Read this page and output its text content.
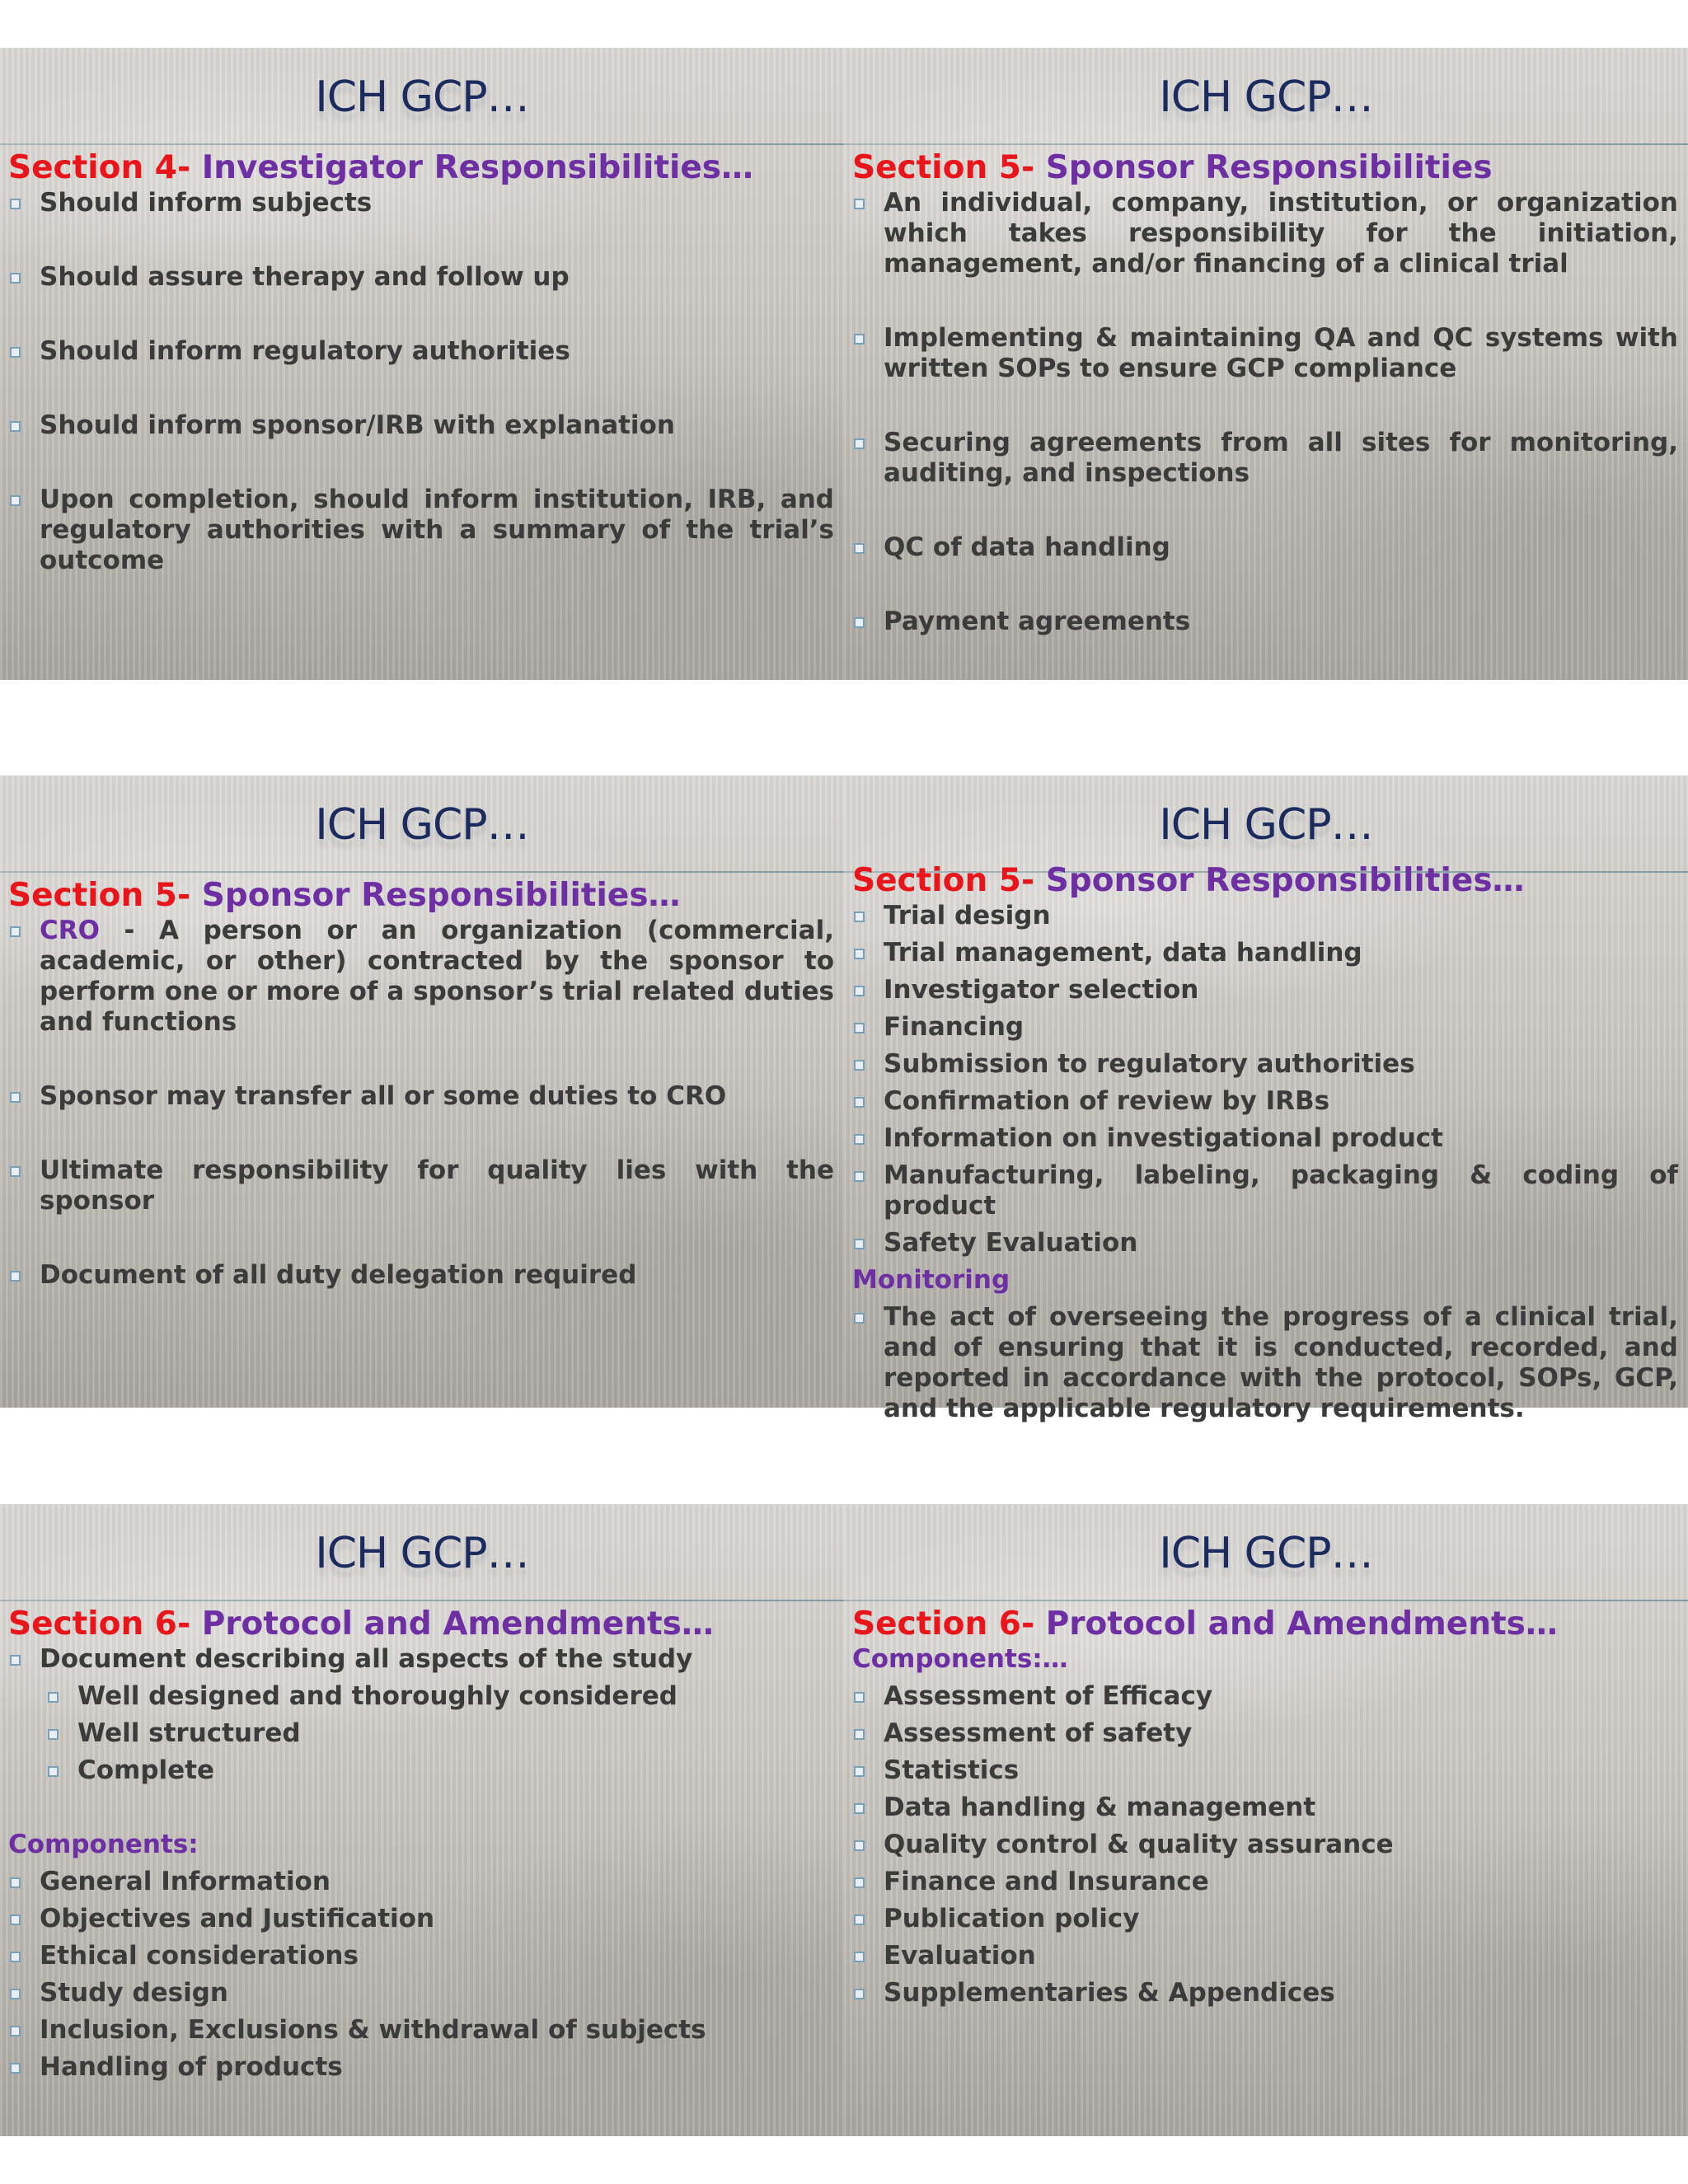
ICH GCP…
Section 4- Investigator Responsibilities…
Should inform subjects
Should assure therapy and follow up
Should inform regulatory authorities
Should inform sponsor/IRB with explanation
Upon completion, should inform institution, IRB, and regulatory authorities with a summary of the trial’s outcome
ICH GCP…
Section 5- Sponsor Responsibilities
An individual, company, institution, or organization which takes responsibility for the initiation, management, and/or financing of a clinical trial
Implementing & maintaining QA and QC systems with written SOPs to ensure GCP compliance
Securing agreements from all sites for monitoring, auditing, and inspections
QC of data handling
Payment agreements
ICH GCP…
Section 5- Sponsor Responsibilities…
CRO - A person or an organization (commercial, academic, or other) contracted by the sponsor to perform one or more of a sponsor’s trial related duties and functions
Sponsor may transfer all or some duties to CRO
Ultimate responsibility for quality lies with the sponsor
Document of all duty delegation required
ICH GCP…
Section 5- Sponsor Responsibilities…
Trial design
Trial management, data handling
Investigator selection
Financing
Submission to regulatory authorities
Confirmation of review by IRBs
Information on investigational product
Manufacturing, labeling, packaging & coding of product
Safety Evaluation
Monitoring
The act of overseeing the progress of a clinical trial, and of ensuring that it is conducted, recorded, and reported in accordance with the protocol, SOPs, GCP, and the applicable regulatory requirements.
ICH GCP…
Section 6- Protocol and Amendments…
Document describing all aspects of the study
Well designed and thoroughly considered
Well structured
Complete
Components:
General Information
Objectives and Justification
Ethical considerations
Study design
Inclusion, Exclusions & withdrawal of subjects
Handling of products
ICH GCP…
Section 6- Protocol and Amendments…
Components:…
Assessment of Efficacy
Assessment of safety
Statistics
Data handling & management
Quality control & quality assurance
Finance and Insurance
Publication policy
Evaluation
Supplementaries & Appendices
